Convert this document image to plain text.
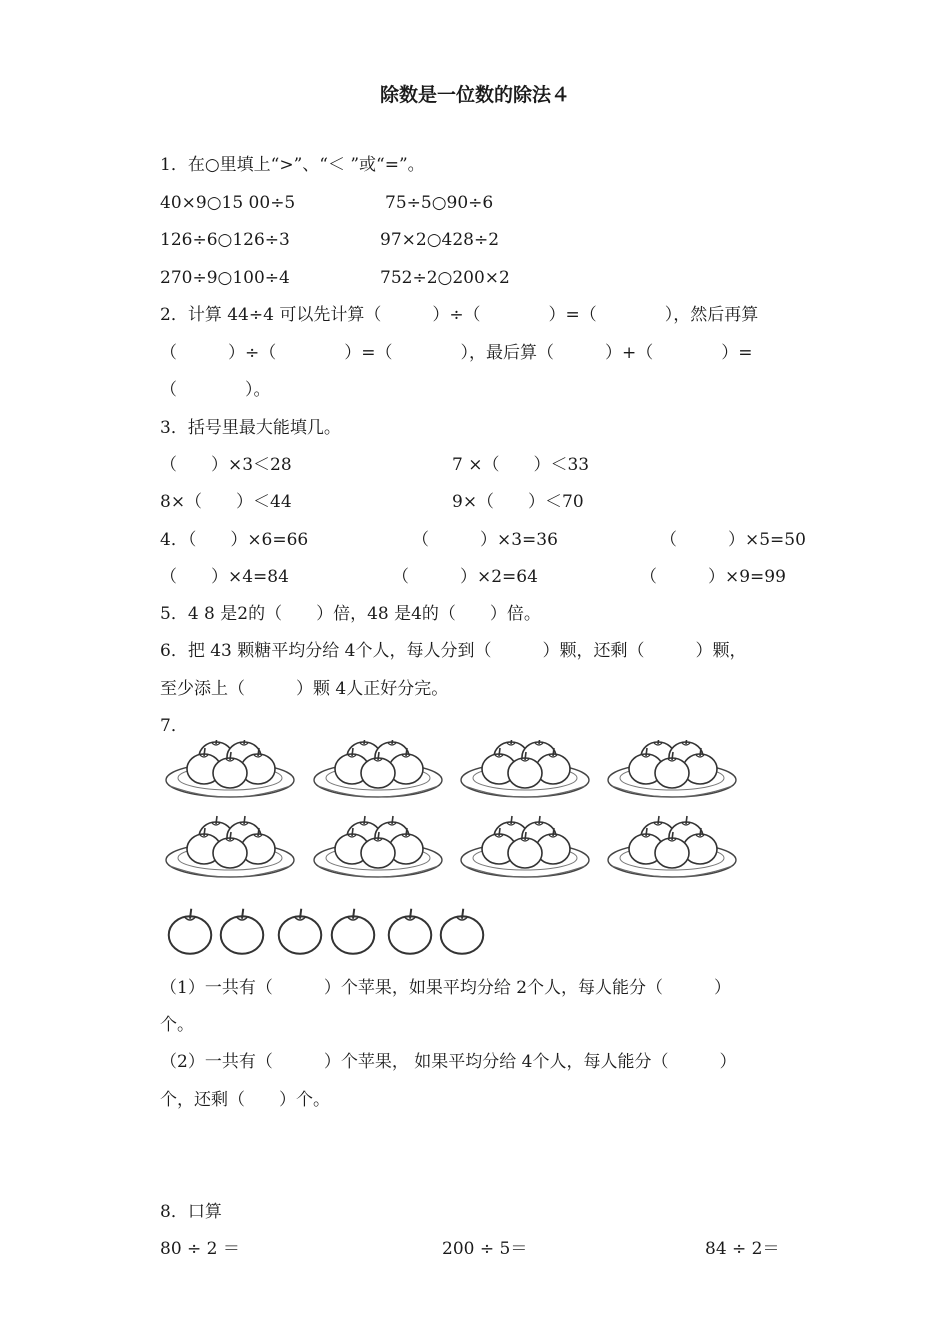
除数是一位数的除法４
1．在○里填上“>”、“＜ ”或“=”。
40×9○15 00÷5	75÷5○90÷6
126÷6○126÷3	97×2○428÷2
270÷9○100÷4	752÷2○200×2
2．计算 44÷4 可以先计算（　　　）÷（　　　　）=（　　　　），然后再算
（　　　）÷（　　　　）=（　　　　），最后算（　　　）+（　　　　）=
（　　　　）。
3．括号里最大能填几。
（　　）×3＜28	7 ×（　　）＜33
8×（　　）＜44	9×（　　）＜70
4．（　　）×6=66	（　　　）×3=36	（　　　）×5=50
（　　）×4=84	（　　　）×2=64	（　　　）×9=99
5．4 8 是2的（　　）倍，48 是4的（　　）倍。
6．把 43 颗糖平均分给 4个人，每人分到（　　　）颗，还剩（　　　）颗，
至少添上（　　　）颗 4人正好分完。
7．
（1）一共有（　　　）个苹果，如果平均分给 2个人，每人能分（　　　）
个。
（2）一共有（　　　）个苹果， 如果平均分给 4个人，每人能分（　　　）
个，还剩（　　）个。
8．口算
80 ÷ 2 ＝	200 ÷ 5＝	84 ÷ 2＝
